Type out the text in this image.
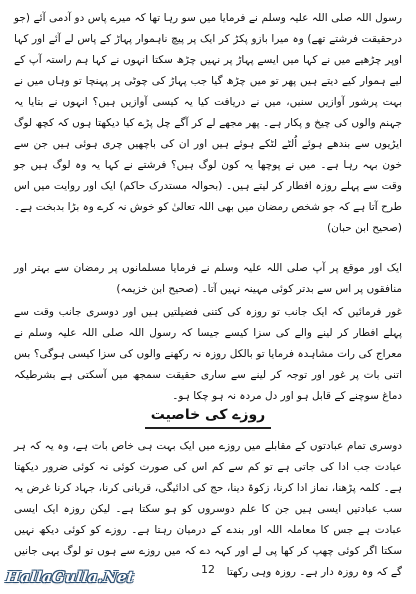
رسول اللہ صلی اللہ علیہ وسلم نے فرمایا میں سو رہا تھا کہ میرے پاس دو آدمی آئے (جو درحقیقت فرشتے تھے) وہ میرا بازو پکڑ کر ایک پر پیچ ناہموار پہاڑ کے پاس لے آئے اور کہا اوپر چڑھیے میں نے کہا میں ایسے پہاڑ پر نہیں چڑھ سکتا انہوں نے کہا ہم راستہ آپ کے لیے ہموار کیے دیتے ہیں پھر تو میں چڑھ گیا جب پہاڑ کی چوٹی پر پہنچا تو وہاں میں نے بہت پرشور آوازیں سنیں، میں نے دریافت کیا یہ کیسی آوازیں ہیں؟ انہوں نے بتایا یہ جہنم والوں کی چیخ و پکار ہے۔ پھر مجھے لے کر آگے چل پڑے کیا دیکھتا ہوں کہ کچھ لوگ ایڑیوں سے بندھے ہوئے اُلٹے لٹکے ہوئے ہیں اور ان کی باچھیں چری ہوئی ہیں جن سے خون بہہ رہا ہے۔ میں نے پوچھا یہ کون لوگ ہیں؟ فرشتے نے کہا یہ وہ لوگ ہیں جو وقت سے پہلے روزہ افطار کر لیتے ہیں۔ (بحوالہ مستدرک حاکم) ایک اور روایت میں اس طرح آتا ہے کہ جو شخص رمضان میں بھی اللہ تعالیٰ کو خوش نہ کرے وہ بڑا بدبخت ہے۔ (صحیح ابن حبان)

ایک اور موقع پر آپ صلی اللہ علیہ وسلم نے فرمایا مسلمانوں پر رمضان سے بہتر اور منافقوں پر اس سے بدتر کوئی مہینہ نہیں آتا۔ (صحیح ابن خزیمہ)

غور فرمائیں کہ ایک جانب تو روزہ کی کتنی فضیلتیں ہیں اور دوسری جانب وقت سے پہلے افطار کر لینے والے کی سزا کیسے جیسا کہ رسول اللہ صلی اللہ علیہ وسلم نے معراج کی رات مشاہدہ فرمایا تو بالکل روزہ نہ رکھنے والوں کی سزا کیسی ہوگی؟ بس اتنی بات پر غور اور توجہ کر لینے سے ساری حقیقت سمجھ میں آسکتی ہے بشرطیکہ دماغ سوچنے کے قابل ہو اور دل مردہ نہ ہو چکا ہو۔

روزے کی خاصیت

دوسری تمام عبادتوں کے مقابلے میں روزے میں ایک بہت ہی خاص بات ہے، وہ یہ کہ ہر عبادت جب ادا کی جاتی ہے تو کم سے کم اس کی صورت کوئی نہ کوئی ضرور دیکھتا ہے۔ کلمہ پڑھنا، نماز ادا کرنا، زکوۃ دینا، حج کی ادائیگی، قربانی کرنا، جہاد کرنا غرض یہ سب عبادتیں ایسی ہیں جن کا علم دوسروں کو ہو سکتا ہے۔ لیکن روزہ ایک ایسی عبادت ہے جس کا معاملہ اللہ اور بندے کے درمیان رہتا ہے۔ روزے کو کوئی دیکھ نہیں سکتا اگر کوئی چھپ کر کھا پی لے اور کہہ دے کہ میں روزے سے ہوں تو لوگ یہی جانیں گے کہ وہ روزہ دار ہے۔ روزہ وہی رکھتا

12
HallaGulla.Net
